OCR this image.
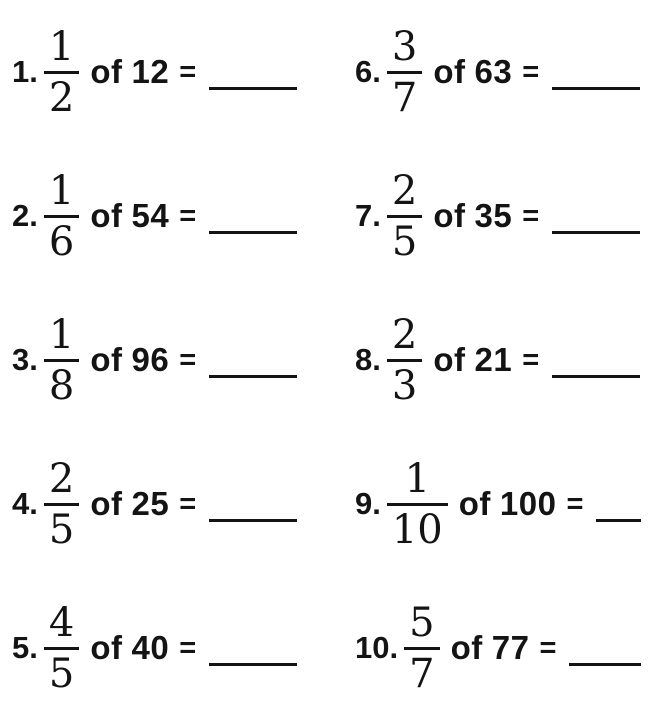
1. $\frac{1}{2}$ of 12 =
2. $\frac{1}{6}$ of 54 =
3. $\frac{1}{8}$ of 96 =
4. $\frac{2}{5}$ of 25 =
5. $\frac{4}{5}$ of 40 =
6. $\frac{3}{7}$ of 63 =
7. $\frac{2}{5}$ of 35 =
8. $\frac{2}{3}$ of 21 =
9. $\frac{1}{10}$ of 100 =
10. $\frac{5}{7}$ of 77 =
